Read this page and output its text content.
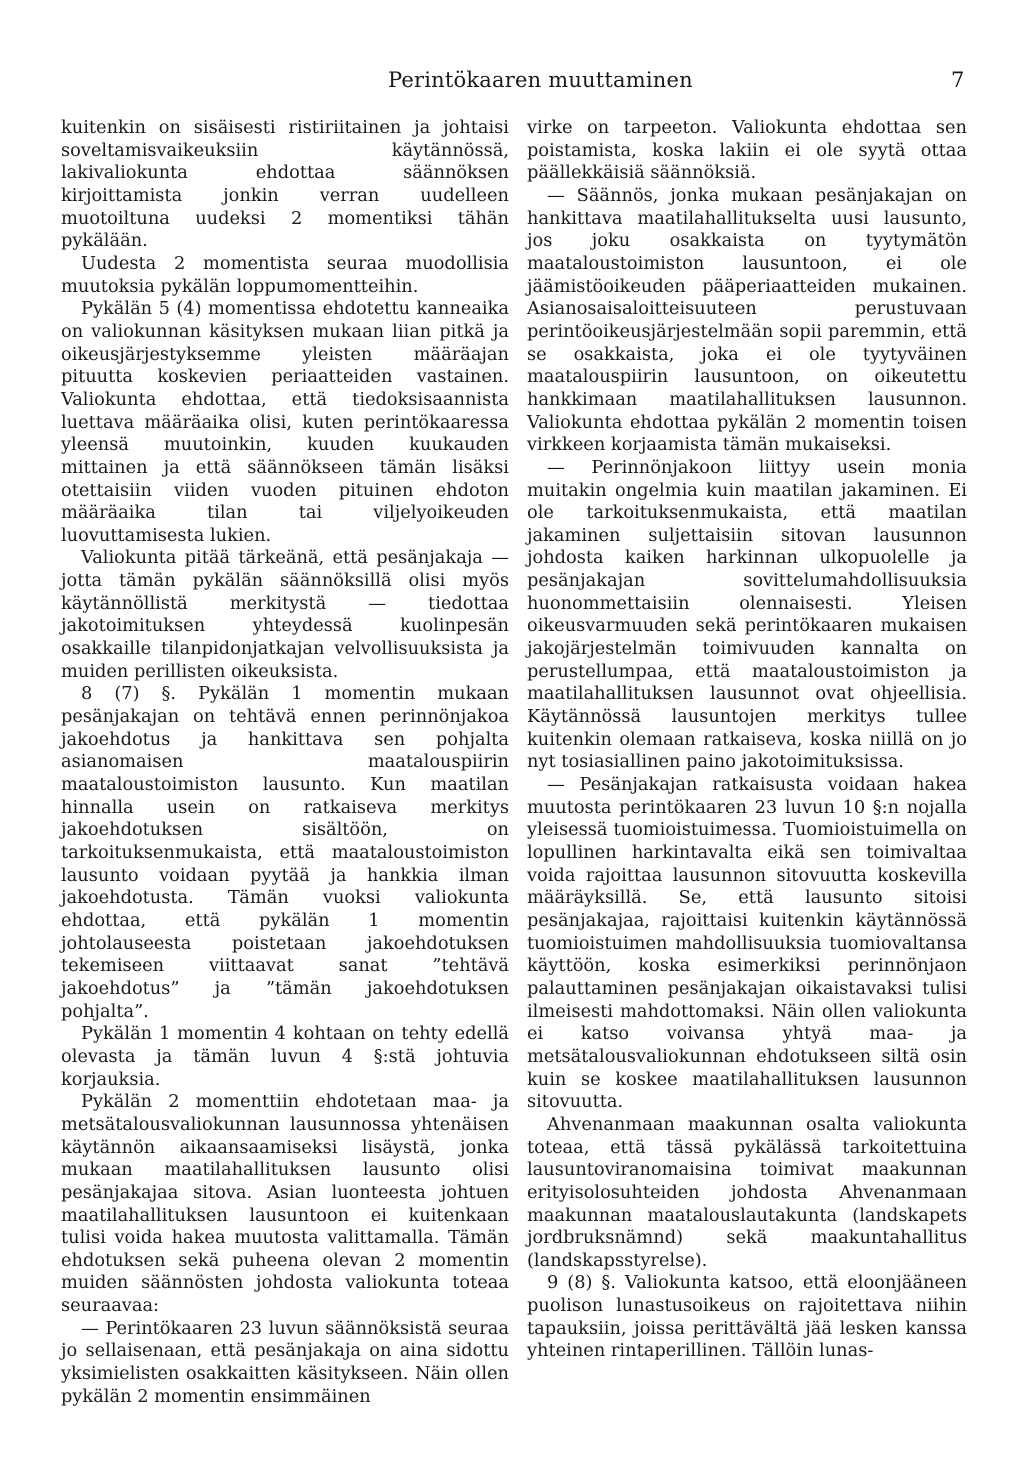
Perintökaaren muuttaminen	7

kuitenkin on sisäisesti ristiriitainen ja johtaisi soveltamisvaikeuksiin käytännössä, lakivaliokunta ehdottaa säännöksen kirjoittamista jonkin verran uudelleen muotoiltuna uudeksi 2 momentiksi tähän pykälään.

Uudesta 2 momentista seuraa muodollisia muutoksia pykälän loppumomentteihin.

Pykälän 5 (4) momentissa ehdotettu kanneaika on valiokunnan käsityksen mukaan liian pitkä ja oikeusjärjestyksemme yleisten määräajan pituutta koskevien periaatteiden vastainen. Valiokunta ehdottaa, että tiedoksisaannista luettava määräaika olisi, kuten perintökaaressa yleensä muutoinkin, kuuden kuukauden mittainen ja että säännökseen tämän lisäksi otettaisiin viiden vuoden pituinen ehdoton määräaika tilan tai viljelyoikeuden luovuttamisesta lukien.

Valiokunta pitää tärkeänä, että pesänjakaja — jotta tämän pykälän säännöksillä olisi myös käytännöllistä merkitystä — tiedottaa jakotoimituksen yhteydessä kuolinpesän osakkaille tilanpidonjatkajan velvollisuuksista ja muiden perillisten oikeuksista.

8 (7) §. Pykälän 1 momentin mukaan pesänjakajan on tehtävä ennen perinnönjakoa jakoehdotus ja hankittava sen pohjalta asianomaisen maatalouspiirin maataloustoimiston lausunto. Kun maatilan hinnalla usein on ratkaiseva merkitys jakoehdotuksen sisältöön, on tarkoituksenmukaista, että maataloustoimiston lausunto voidaan pyytää ja hankkia ilman jakoehdotusta. Tämän vuoksi valiokunta ehdottaa, että pykälän 1 momentin johtolauseesta poistetaan jakoehdotuksen tekemiseen viittaavat sanat ”tehtävä jakoehdotus” ja ”tämän jakoehdotuksen pohjalta”.

Pykälän 1 momentin 4 kohtaan on tehty edellä olevasta ja tämän luvun 4 §:stä johtuvia korjauksia.

Pykälän 2 momenttiin ehdotetaan maa- ja metsätalousvaliokunnan lausunnossa yhtenäisen käytännön aikaansaamiseksi lisäystä, jonka mukaan maatilahallituksen lausunto olisi pesänjakajaa sitova. Asian luonteesta johtuen maatilahallituksen lausuntoon ei kuitenkaan tulisi voida hakea muutosta valittamalla. Tämän ehdotuksen sekä puheena olevan 2 momentin muiden säännösten johdosta valiokunta toteaa seuraavaa:

— Perintökaaren 23 luvun säännöksistä seuraa jo sellaisenaan, että pesänjakaja on aina sidottu yksimielisten osakkaitten käsitykseen. Näin ollen pykälän 2 momentin ensimmäinen

virke on tarpeeton. Valiokunta ehdottaa sen poistamista, koska lakiin ei ole syytä ottaa päällekkäisiä säännöksiä.

— Säännös, jonka mukaan pesänjakajan on hankittava maatilahallitukselta uusi lausunto, jos joku osakkaista on tyytymätön maataloustoimiston lausuntoon, ei ole jäämistöoikeuden pääperiaatteiden mukainen. Asianosaisaloitteisuuteen perustuvaan perintöoikeusjärjestelmään sopii paremmin, että se osakkaista, joka ei ole tyytyväinen maatalouspiirin lausuntoon, on oikeutettu hankkimaan maatilahallituksen lausunnon. Valiokunta ehdottaa pykälän 2 momentin toisen virkkeen korjaamista tämän mukaiseksi.

— Perinnönjakoon liittyy usein monia muitakin ongelmia kuin maatilan jakaminen. Ei ole tarkoituksenmukaista, että maatilan jakaminen suljettaisiin sitovan lausunnon johdosta kaiken harkinnan ulkopuolelle ja pesänjakajan sovittelumahdollisuuksia huonommettaisiin olennaisesti. Yleisen oikeusvarmuuden sekä perintökaaren mukaisen jakojärjestelmän toimivuuden kannalta on perustellumpaa, että maataloustoimiston ja maatilahallituksen lausunnot ovat ohjeellisia. Käytännössä lausuntojen merkitys tullee kuitenkin olemaan ratkaiseva, koska niillä on jo nyt tosiasiallinen paino jakotoimituksissa.

— Pesänjakajan ratkaisusta voidaan hakea muutosta perintökaaren 23 luvun 10 §:n nojalla yleisessä tuomioistuimessa. Tuomioistuimella on lopullinen harkintavalta eikä sen toimivaltaa voida rajoittaa lausunnon sitovuutta koskevilla määräyksillä. Se, että lausunto sitoisi pesänjakajaa, rajoittaisi kuitenkin käytännössä tuomioistuimen mahdollisuuksia tuomiovaltansa käyttöön, koska esimerkiksi perinnönjaon palauttaminen pesänjakajan oikaistavaksi tulisi ilmeisesti mahdottomaksi. Näin ollen valiokunta ei katso voivansa yhtyä maa- ja metsätalousvaliokunnan ehdotukseen siltä osin kuin se koskee maatilahallituksen lausunnon sitovuutta.

Ahvenanmaan maakunnan osalta valiokunta toteaa, että tässä pykälässä tarkoitettuina lausuntoviranomaisina toimivat maakunnan erityisolosuhteiden johdosta Ahvenanmaan maakunnan maatalouslautakunta (landskapets jordbruksnämnd) sekä maakuntahallitus (landskapsstyrelse).

9 (8) §. Valiokunta katsoo, että eloonjääneen puolison lunastusoikeus on rajoitettava niihin tapauksiin, joissa perittävältä jää lesken kanssa yhteinen rintaperillinen. Tällöin lunas-
